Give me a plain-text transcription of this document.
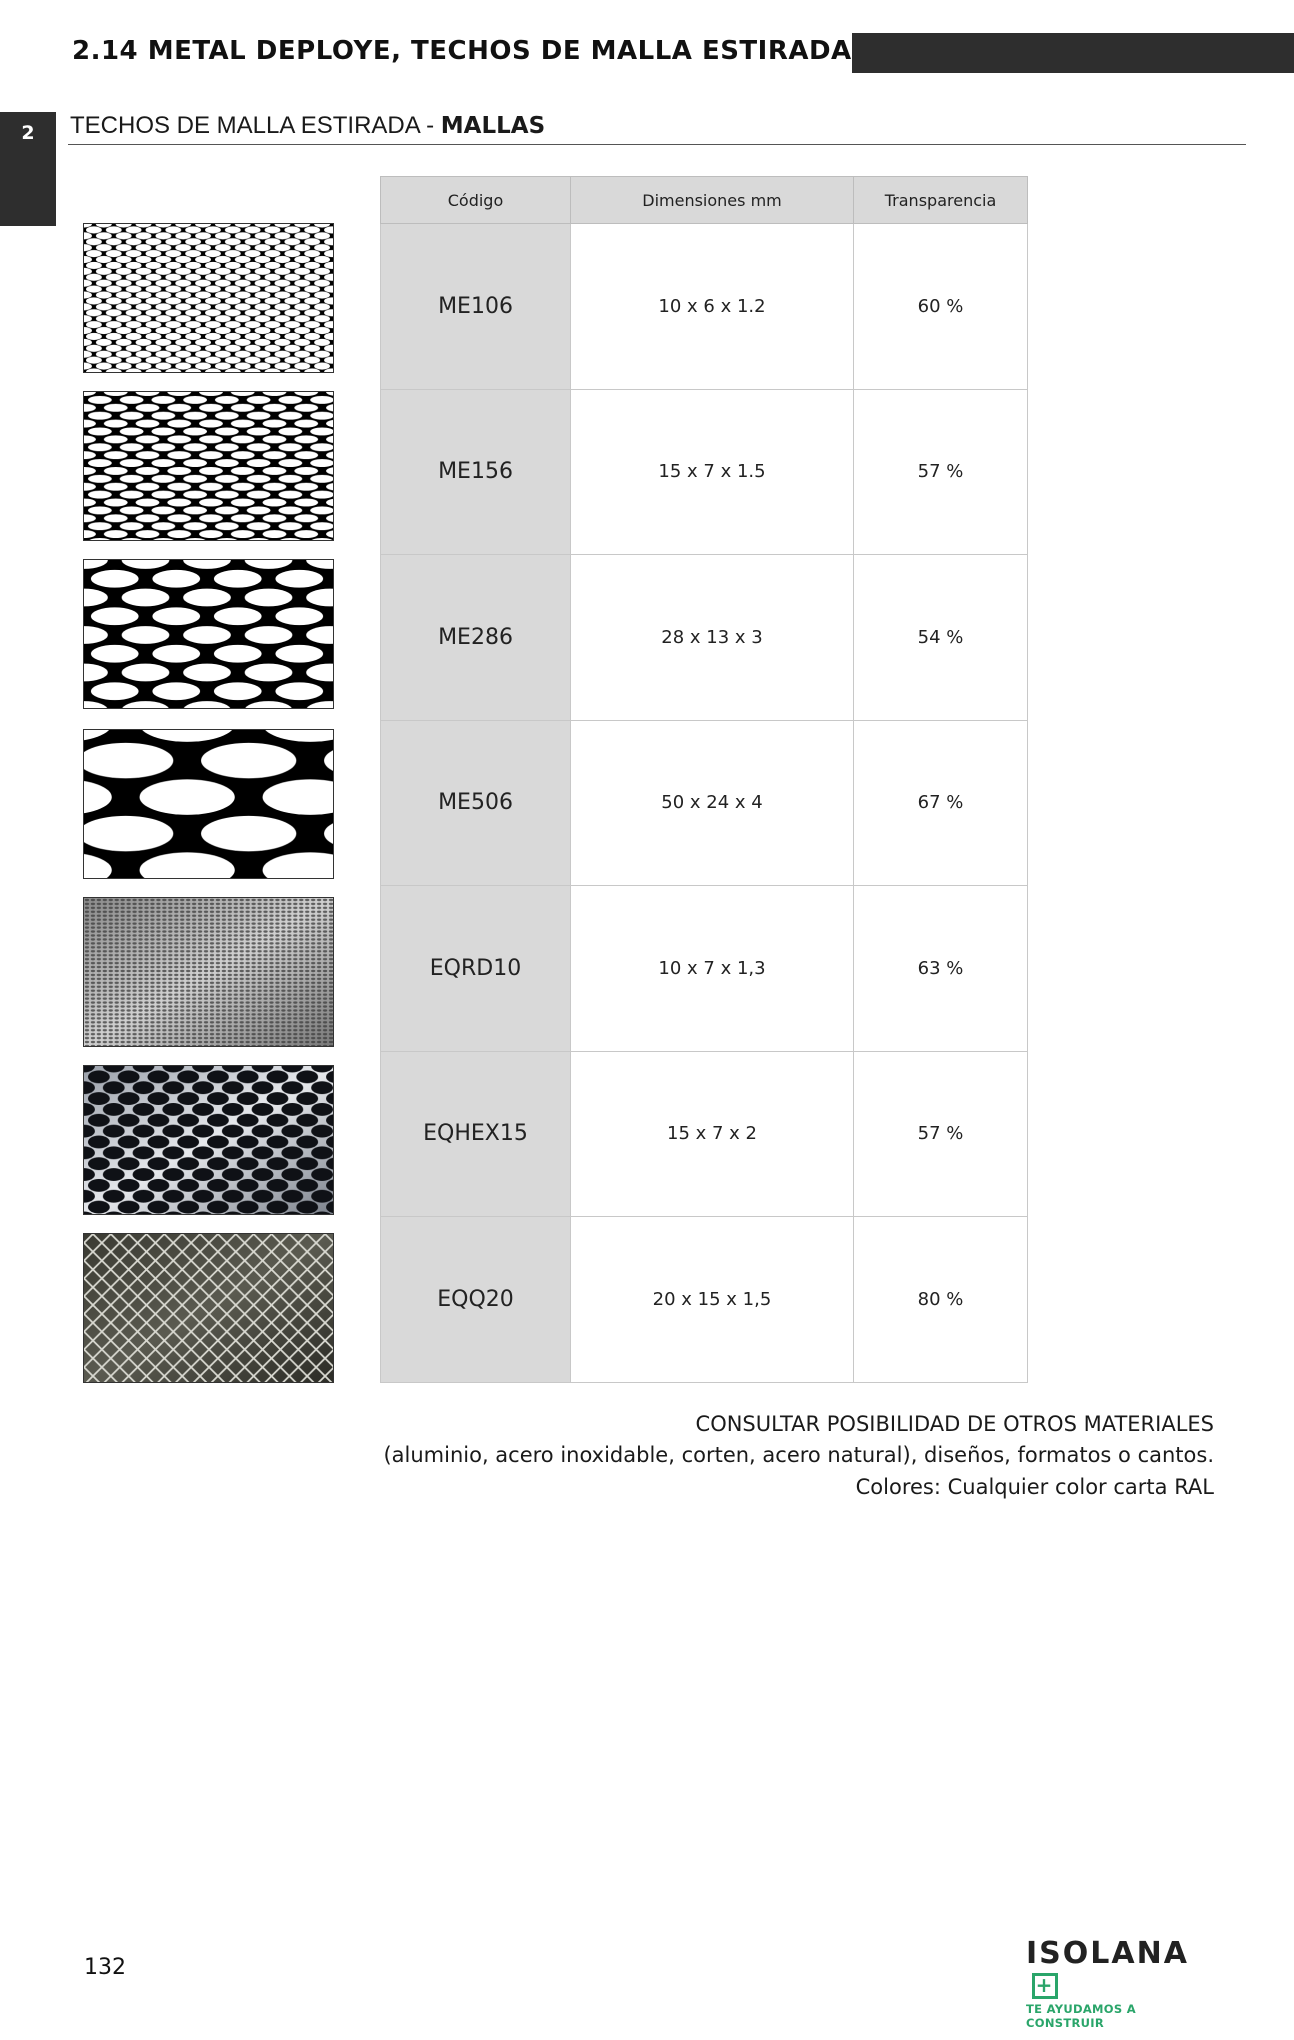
2.14 METAL DEPLOYE, TECHOS DE MALLA ESTIRADA
2	TECHOS DE MALLA ESTIRADA - MALLAS
Código	Dimensiones mm	Transparencia
ME106	10 x 6 x 1.2	60 %
ME156	15 x 7 x 1.5	57 %
ME286	28 x 13 x 3	54 %
ME506	50 x 24 x 4	67 %
EQRD10	10 x 7 x 1,3	63 %
EQHEX15	15 x 7 x 2	57 %
EQQ20	20 x 15 x 1,5	80 %
CONSULTAR POSIBILIDAD DE OTROS MATERIALES
(aluminio, acero inoxidable, corten, acero natural), diseños, formatos o cantos.
Colores: Cualquier color carta RAL
132	ISOLANA+
TE AYUDAMOS A CONSTRUIR
